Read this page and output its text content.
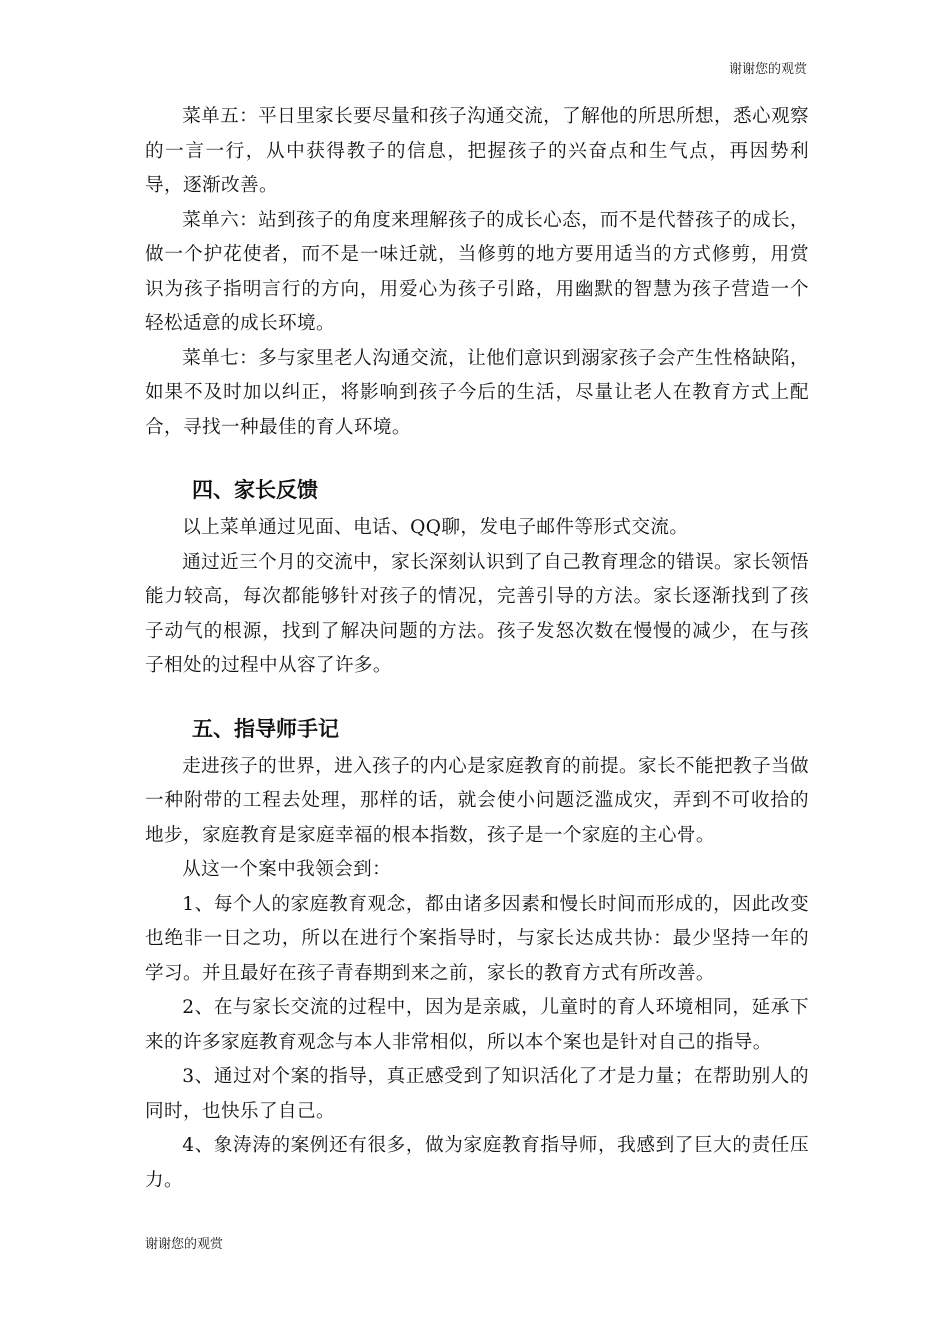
谢谢您的观赏

菜单五：平日里家长要尽量和孩子沟通交流，了解他的所思所想，悉心观察的一言一行，从中获得教子的信息，把握孩子的兴奋点和生气点，再因势利导，逐渐改善。

菜单六：站到孩子的角度来理解孩子的成长心态，而不是代替孩子的成长，做一个护花使者，而不是一味迁就，当修剪的地方要用适当的方式修剪，用赏识为孩子指明言行的方向，用爱心为孩子引路，用幽默的智慧为孩子营造一个轻松适意的成长环境。

菜单七：多与家里老人沟通交流，让他们意识到溺家孩子会产生性格缺陷，如果不及时加以纠正，将影响到孩子今后的生活，尽量让老人在教育方式上配合，寻找一种最佳的育人环境。

四、家长反馈

以上菜单通过见面、电话、QQ聊，发电子邮件等形式交流。

通过近三个月的交流中，家长深刻认识到了自己教育理念的错误。家长领悟能力较高，每次都能够针对孩子的情况，完善引导的方法。家长逐渐找到了孩子动气的根源，找到了解决问题的方法。孩子发怒次数在慢慢的减少，在与孩子相处的过程中从容了许多。

五、指导师手记

走进孩子的世界，进入孩子的内心是家庭教育的前提。家长不能把教子当做一种附带的工程去处理，那样的话，就会使小问题泛滥成灾，弄到不可收拾的地步，家庭教育是家庭幸福的根本指数，孩子是一个家庭的主心骨。

从这一个案中我领会到：

1、每个人的家庭教育观念，都由诸多因素和慢长时间而形成的，因此改变也绝非一日之功，所以在进行个案指导时，与家长达成共协：最少坚持一年的学习。并且最好在孩子青春期到来之前，家长的教育方式有所改善。

2、在与家长交流的过程中，因为是亲戚，儿童时的育人环境相同，延承下来的许多家庭教育观念与本人非常相似，所以本个案也是针对自己的指导。

3、通过对个案的指导，真正感受到了知识活化了才是力量；在帮助别人的同时，也快乐了自己。

4、象涛涛的案例还有很多，做为家庭教育指导师，我感到了巨大的责任压力。

谢谢您的观赏
